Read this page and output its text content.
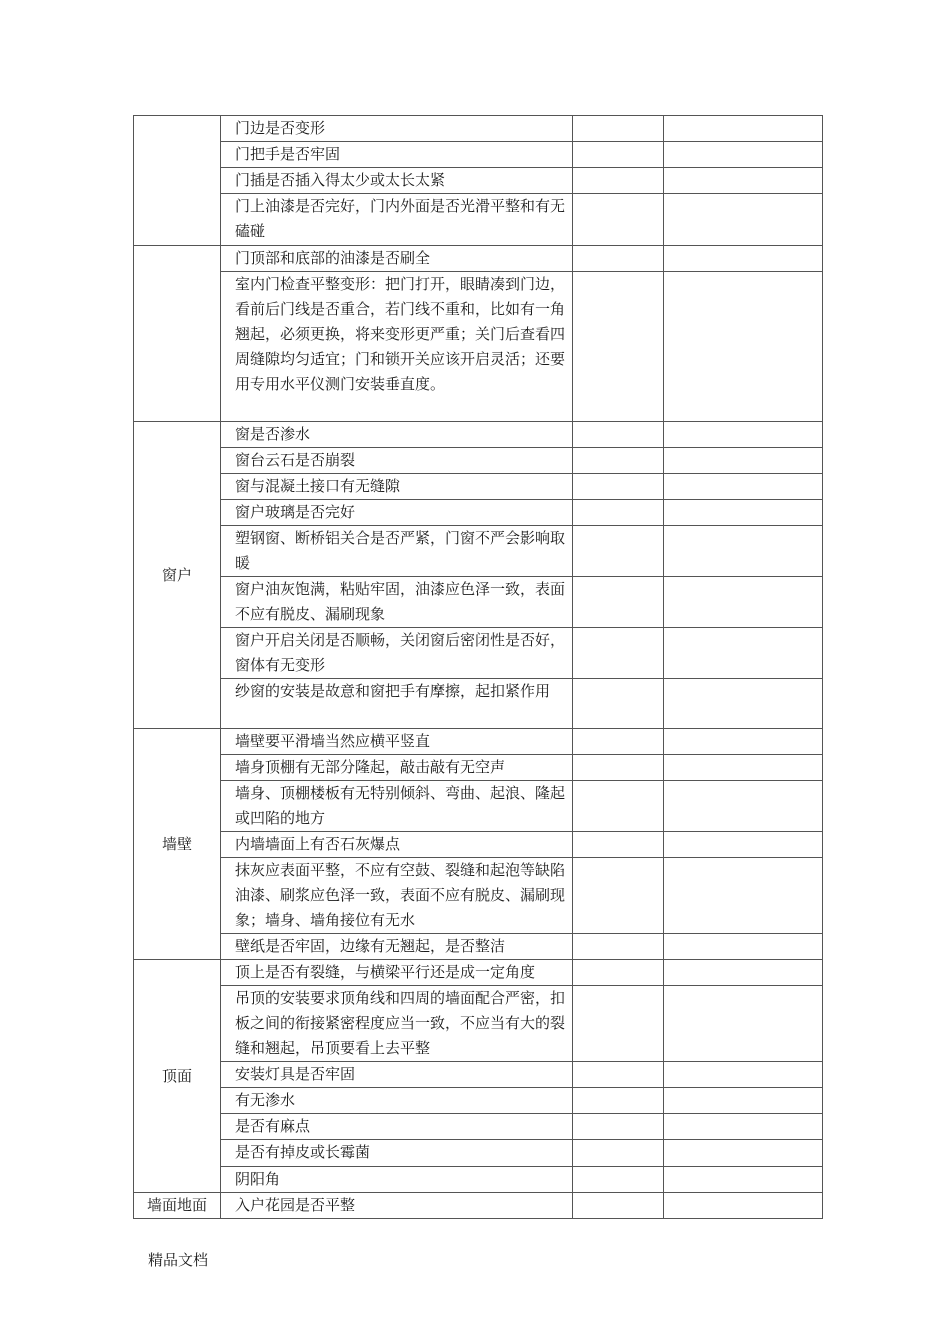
	门边是否变形		

	门把手是否牢固		

	门插是否插入得太少或太长太紧		

	门上油漆是否完好，门内外面是否光滑平整和有无磕碰		

	门顶部和底部的油漆是否刷全		

	室内门检查平整变形：把门打开，眼睛凑到门边，看前后门线是否重合，若门线不重和，比如有一角翘起，必须更换，将来变形更严重；关门后查看四周缝隙均匀适宜；门和锁开关应该开启灵活；还要用专用水平仪测门安装垂直度。		

窗户	窗是否渗水		

	窗台云石是否崩裂		

	窗与混凝土接口有无缝隙		

	窗户玻璃是否完好		

	塑钢窗、断桥铝关合是否严紧，门窗不严会影响取暖		

	窗户油灰饱满，粘贴牢固，油漆应色泽一致，表面不应有脱皮、漏刷现象		

	窗户开启关闭是否顺畅，关闭窗后密闭性是否好，窗体有无变形		

	纱窗的安装是故意和窗把手有摩擦，起扣紧作用		

墙壁	墙壁要平滑墙当然应横平竖直		

	墙身顶棚有无部分隆起，敲击敲有无空声		

	墙身、顶棚楼板有无特别倾斜、弯曲、起浪、隆起或凹陷的地方		

	内墙墙面上有否石灰爆点		

	抹灰应表面平整，不应有空鼓、裂缝和起泡等缺陷油漆、刷浆应色泽一致，表面不应有脱皮、漏刷现象；墙身、墙角接位有无水		

	壁纸是否牢固，边缘有无翘起，是否整洁		

顶面	顶上是否有裂缝，与横梁平行还是成一定角度		

	吊顶的安装要求顶角线和四周的墙面配合严密，扣板之间的衔接紧密程度应当一致，不应当有大的裂缝和翘起，吊顶要看上去平整		

	安装灯具是否牢固		

	有无渗水		

	是否有麻点		

	是否有掉皮或长霉菌		

	阴阳角		

墙面地面	入户花园是否平整		

精品文档
